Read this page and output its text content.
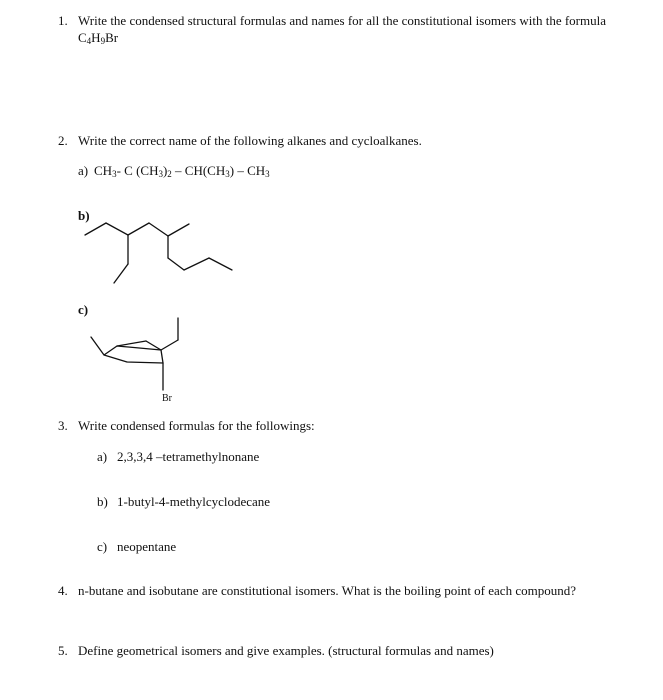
1. Write the condensed structural formulas and names for all the constitutional isomers with the formula
$C_4H_9Br$
2. Write the correct name of the following alkanes and cycloalkanes.
a) $CH_3-$ C $(CH_3)_2 - CH(CH_3) - CH_3$
b)
c)
Br
3. Write condensed formulas for the followings:
a) 2,3,3,4 –tetramethylnonane
b) 1-butyl-4-methylcyclodecane
c) neopentane
4. n-butane and isobutane are constitutional isomers. What is the boiling point of each compound?
5. Define geometrical isomers and give examples. (structural formulas and names)
